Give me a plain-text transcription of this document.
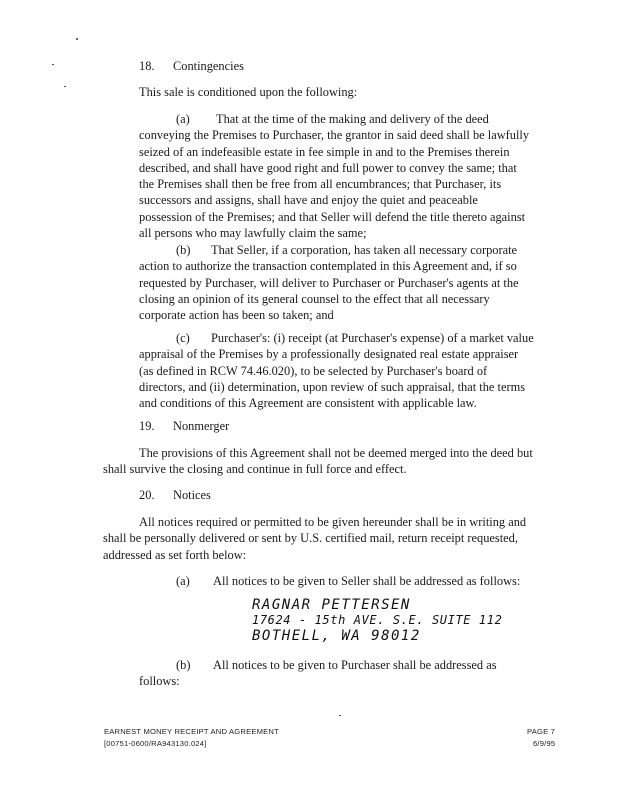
18. Contingencies
This sale is conditioned upon the following:
(a)	That at the time of the making and delivery of the deed
conveying the Premises to Purchaser, the grantor in said deed shall be lawfully
seized of an indefeasible estate in fee simple in and to the Premises therein
described, and shall have good right and full power to convey the same; that
the Premises shall then be free from all encumbrances; that Purchaser, its
successors and assigns, shall have and enjoy the quiet and peaceable
possession of the Premises; and that Seller will defend the title thereto against
all persons who may lawfully claim the same;
(b)	That Seller, if a corporation, has taken all necessary corporate
action to authorize the transaction contemplated in this Agreement and, if so
requested by Purchaser, will deliver to Purchaser or Purchaser's agents at the
closing an opinion of its general counsel to the effect that all necessary
corporate action has been so taken; and
(c)	Purchaser's: (i) receipt (at Purchaser's expense) of a market value
appraisal of the Premises by a professionally designated real estate appraiser
(as defined in RCW 74.46.020), to be selected by Purchaser's board of
directors, and (ii) determination, upon review of such appraisal, that the terms
and conditions of this Agreement are consistent with applicable law.
19. Nonmerger
The provisions of this Agreement shall not be deemed merged into the deed but
shall survive the closing and continue in full force and effect.
20. Notices
All notices required or permitted to be given hereunder shall be in writing and
shall be personally delivered or sent by U.S. certified mail, return receipt requested,
addressed as set forth below:
(a) All notices to be given to Seller shall be addressed as follows:
RAGNAR PETTERSEN
17624 - 15th AVE. S.E. SUITE 112
BOTHELL, WA 98012
(b) All notices to be given to Purchaser shall be addressed as
follows:
EARNEST MONEY RECEIPT AND AGREEMENT
[00751-0600/RA943130.024]
PAGE 7
6/9/95
